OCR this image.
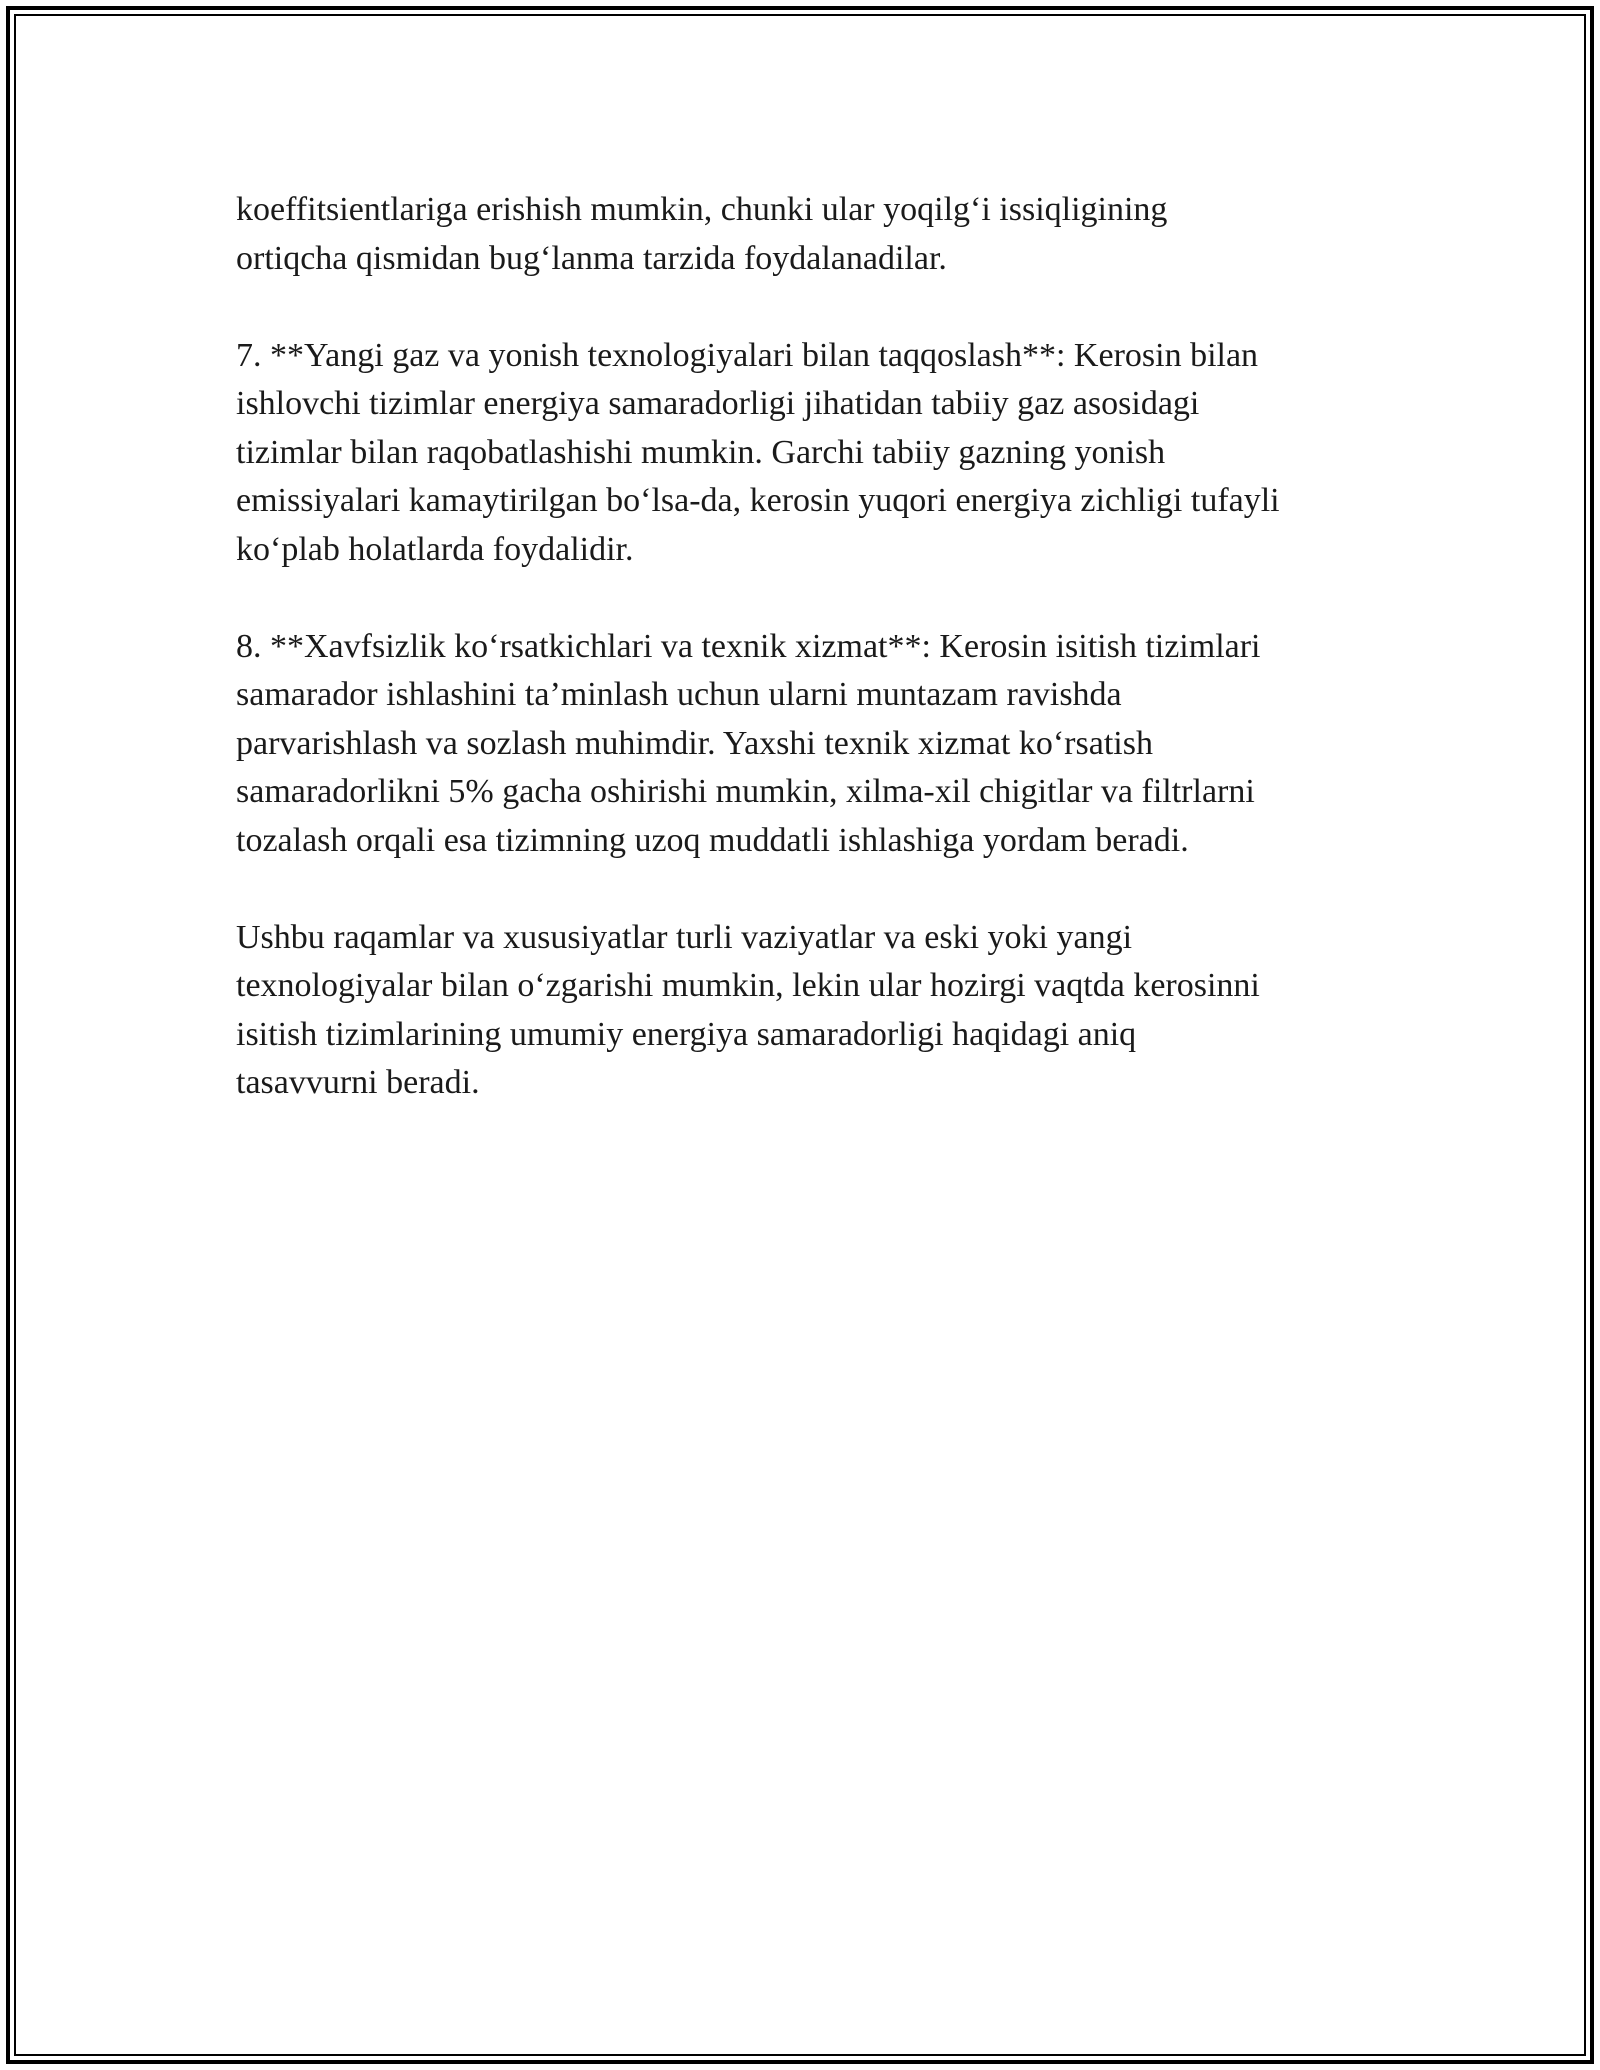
koeffitsientlariga erishish mumkin, chunki ular yoqilg‘i issiqligining
ortiqcha qismidan bug‘lanma tarzida foydalanadilar.

7. **Yangi gaz va yonish texnologiyalari bilan taqqoslash**: Kerosin bilan
ishlovchi tizimlar energiya samaradorligi jihatidan tabiiy gaz asosidagi
tizimlar bilan raqobatlashishi mumkin. Garchi tabiiy gazning yonish
emissiyalari kamaytirilgan bo‘lsa-da, kerosin yuqori energiya zichligi tufayli
ko‘plab holatlarda foydalidir.

8. **Xavfsizlik ko‘rsatkichlari va texnik xizmat**: Kerosin isitish tizimlari
samarador ishlashini ta’minlash uchun ularni muntazam ravishda
parvarishlash va sozlash muhimdir. Yaxshi texnik xizmat ko‘rsatish
samaradorlikni 5% gacha oshirishi mumkin, xilma-xil chigitlar va filtrlarni
tozalash orqali esa tizimning uzoq muddatli ishlashiga yordam beradi.

Ushbu raqamlar va xususiyatlar turli vaziyatlar va eski yoki yangi
texnologiyalar bilan o‘zgarishi mumkin, lekin ular hozirgi vaqtda kerosinni
isitish tizimlarining umumiy energiya samaradorligi haqidagi aniq
tasavvurni beradi.
